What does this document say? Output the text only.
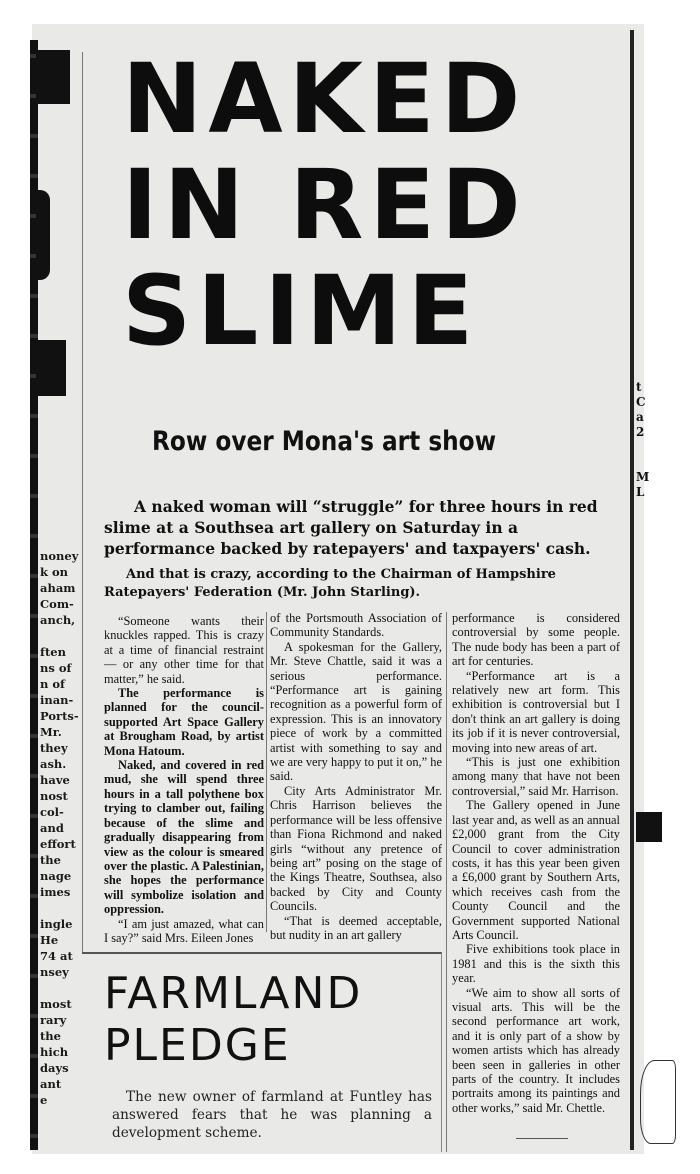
an
noney
k on
aham
Com-
anch,

ften
ns of
n of
inan-
Ports-
Mr.
they
ash.
have
nost
col-
and
effort
the
nage
imes

ingle
He
74 at
nsey

most
rary
the
hich
days
ant
e
NAKED
IN RED
SLIME
Row over Mona's art show

A naked woman will “struggle” for three hours in red slime at a Southsea art gallery on Saturday in a performance backed by ratepayers' and taxpayers' cash.

And that is crazy, according to the Chairman of Hampshire Ratepayers' Federation (Mr. John Starling).

“Someone wants their knuckles rapped. This is crazy at a time of financial restraint — or any other time for that matter,” he said.

The performance is planned for the council-supported Art Space Gallery at Brougham Road, by artist Mona Hatoum.

Naked, and covered in red mud, she will spend three hours in a tall polythene box trying to clamber out, failing because of the slime and gradually disappearing from view as the colour is smeared over the plastic. A Palestinian, she hopes the performance will symbolize isolation and oppression.

“I am just amazed, what can I say?” said Mrs. Eileen Jones

of the Portsmouth Association of Community Standards.

A spokesman for the Gallery, Mr. Steve Chattle, said it was a serious performance. “Performance art is gaining recognition as a powerful form of expression. This is an innovatory piece of work by a committed artist with something to say and we are very happy to put it on,” he said.

City Arts Administrator Mr. Chris Harrison believes the performance will be less offensive than Fiona Richmond and naked girls “without any pretence of being art” posing on the stage of the Kings Theatre, Southsea, also backed by City and County Councils.

“That is deemed acceptable, but nudity in an art gallery

performance is considered controversial by some people. The nude body has been a part of art for centuries.

“Performance art is a relatively new art form. This exhibition is controversial but I don't think an art gallery is doing its job if it is never controversial, moving into new areas of art.

“This is just one exhibition among many that have not been controversial,” said Mr. Harrison.

The Gallery opened in June last year and, as well as an annual £2,000 grant from the City Council to cover administration costs, it has this year been given a £6,000 grant by Southern Arts, which receives cash from the County Council and the Government supported National Arts Council.

Five exhibitions took place in 1981 and this is the sixth this year.

“We aim to show all sorts of visual arts. This will be the second performance art work, and it is only part of a show by women artists which has already been seen in galleries in other parts of the country. It includes portraits among its paintings and other works,” said Mr. Chettle.

FARMLAND
PLEDGE

The new owner of farmland at Funtley has answered fears that he was planning a development scheme.

t
C
a
2

M
L
